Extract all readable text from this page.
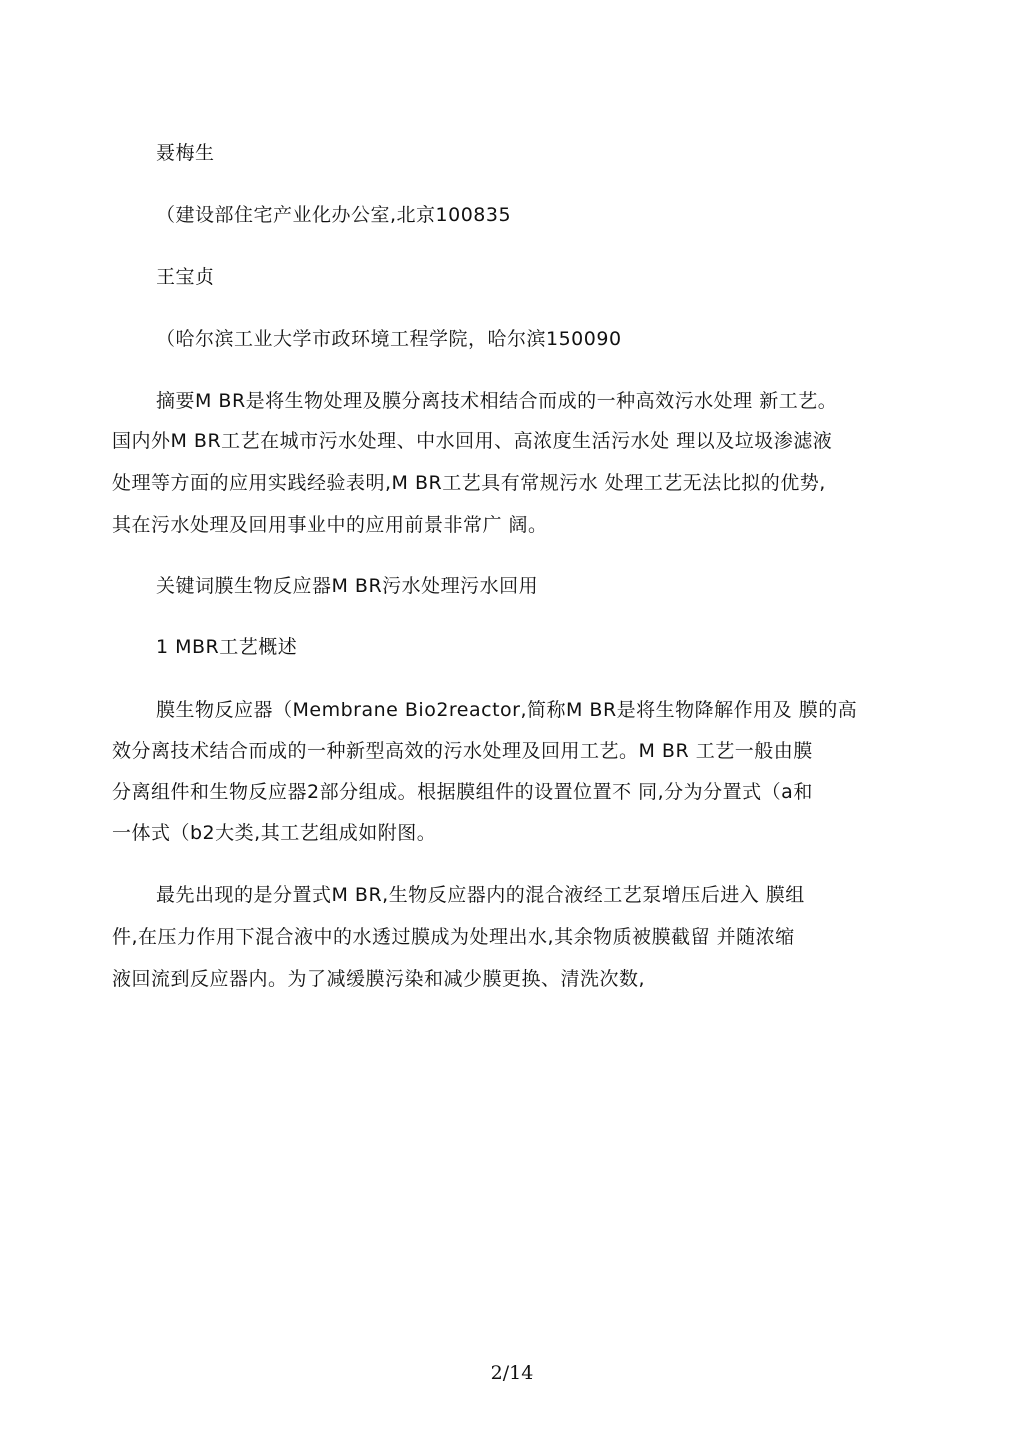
聂梅生
（建设部住宅产业化办公室,北京100835
王宝贞
（哈尔滨工业大学市政环境工程学院，哈尔滨150090
摘要M BR是将生物处理及膜分离技术相结合而成的一种高效污水处理 新工艺。
国内外M BR工艺在城市污水处理、中水回用、高浓度生活污水处 理以及垃圾渗滤液
处理等方面的应用实践经验表明,M BR工艺具有常规污水 处理工艺无法比拟的优势,
其在污水处理及回用事业中的应用前景非常广 阔。
关键词膜生物反应器M BR污水处理污水回用
1 MBR工艺概述
膜生物反应器（Membrane Bio2reactor,简称M BR是将生物降解作用及 膜的高
效分离技术结合而成的一种新型高效的污水处理及回用工艺。M BR 工艺一般由膜
分离组件和生物反应器2部分组成。根据膜组件的设置位置不 同,分为分置式（a和
一体式（b2大类,其工艺组成如附图。
最先出现的是分置式M BR,生物反应器内的混合液经工艺泵增压后进入 膜组
件,在压力作用下混合液中的水透过膜成为处理出水,其余物质被膜截留 并随浓缩
液回流到反应器内。为了减缓膜污染和减少膜更换、清洗次数,
2/14
